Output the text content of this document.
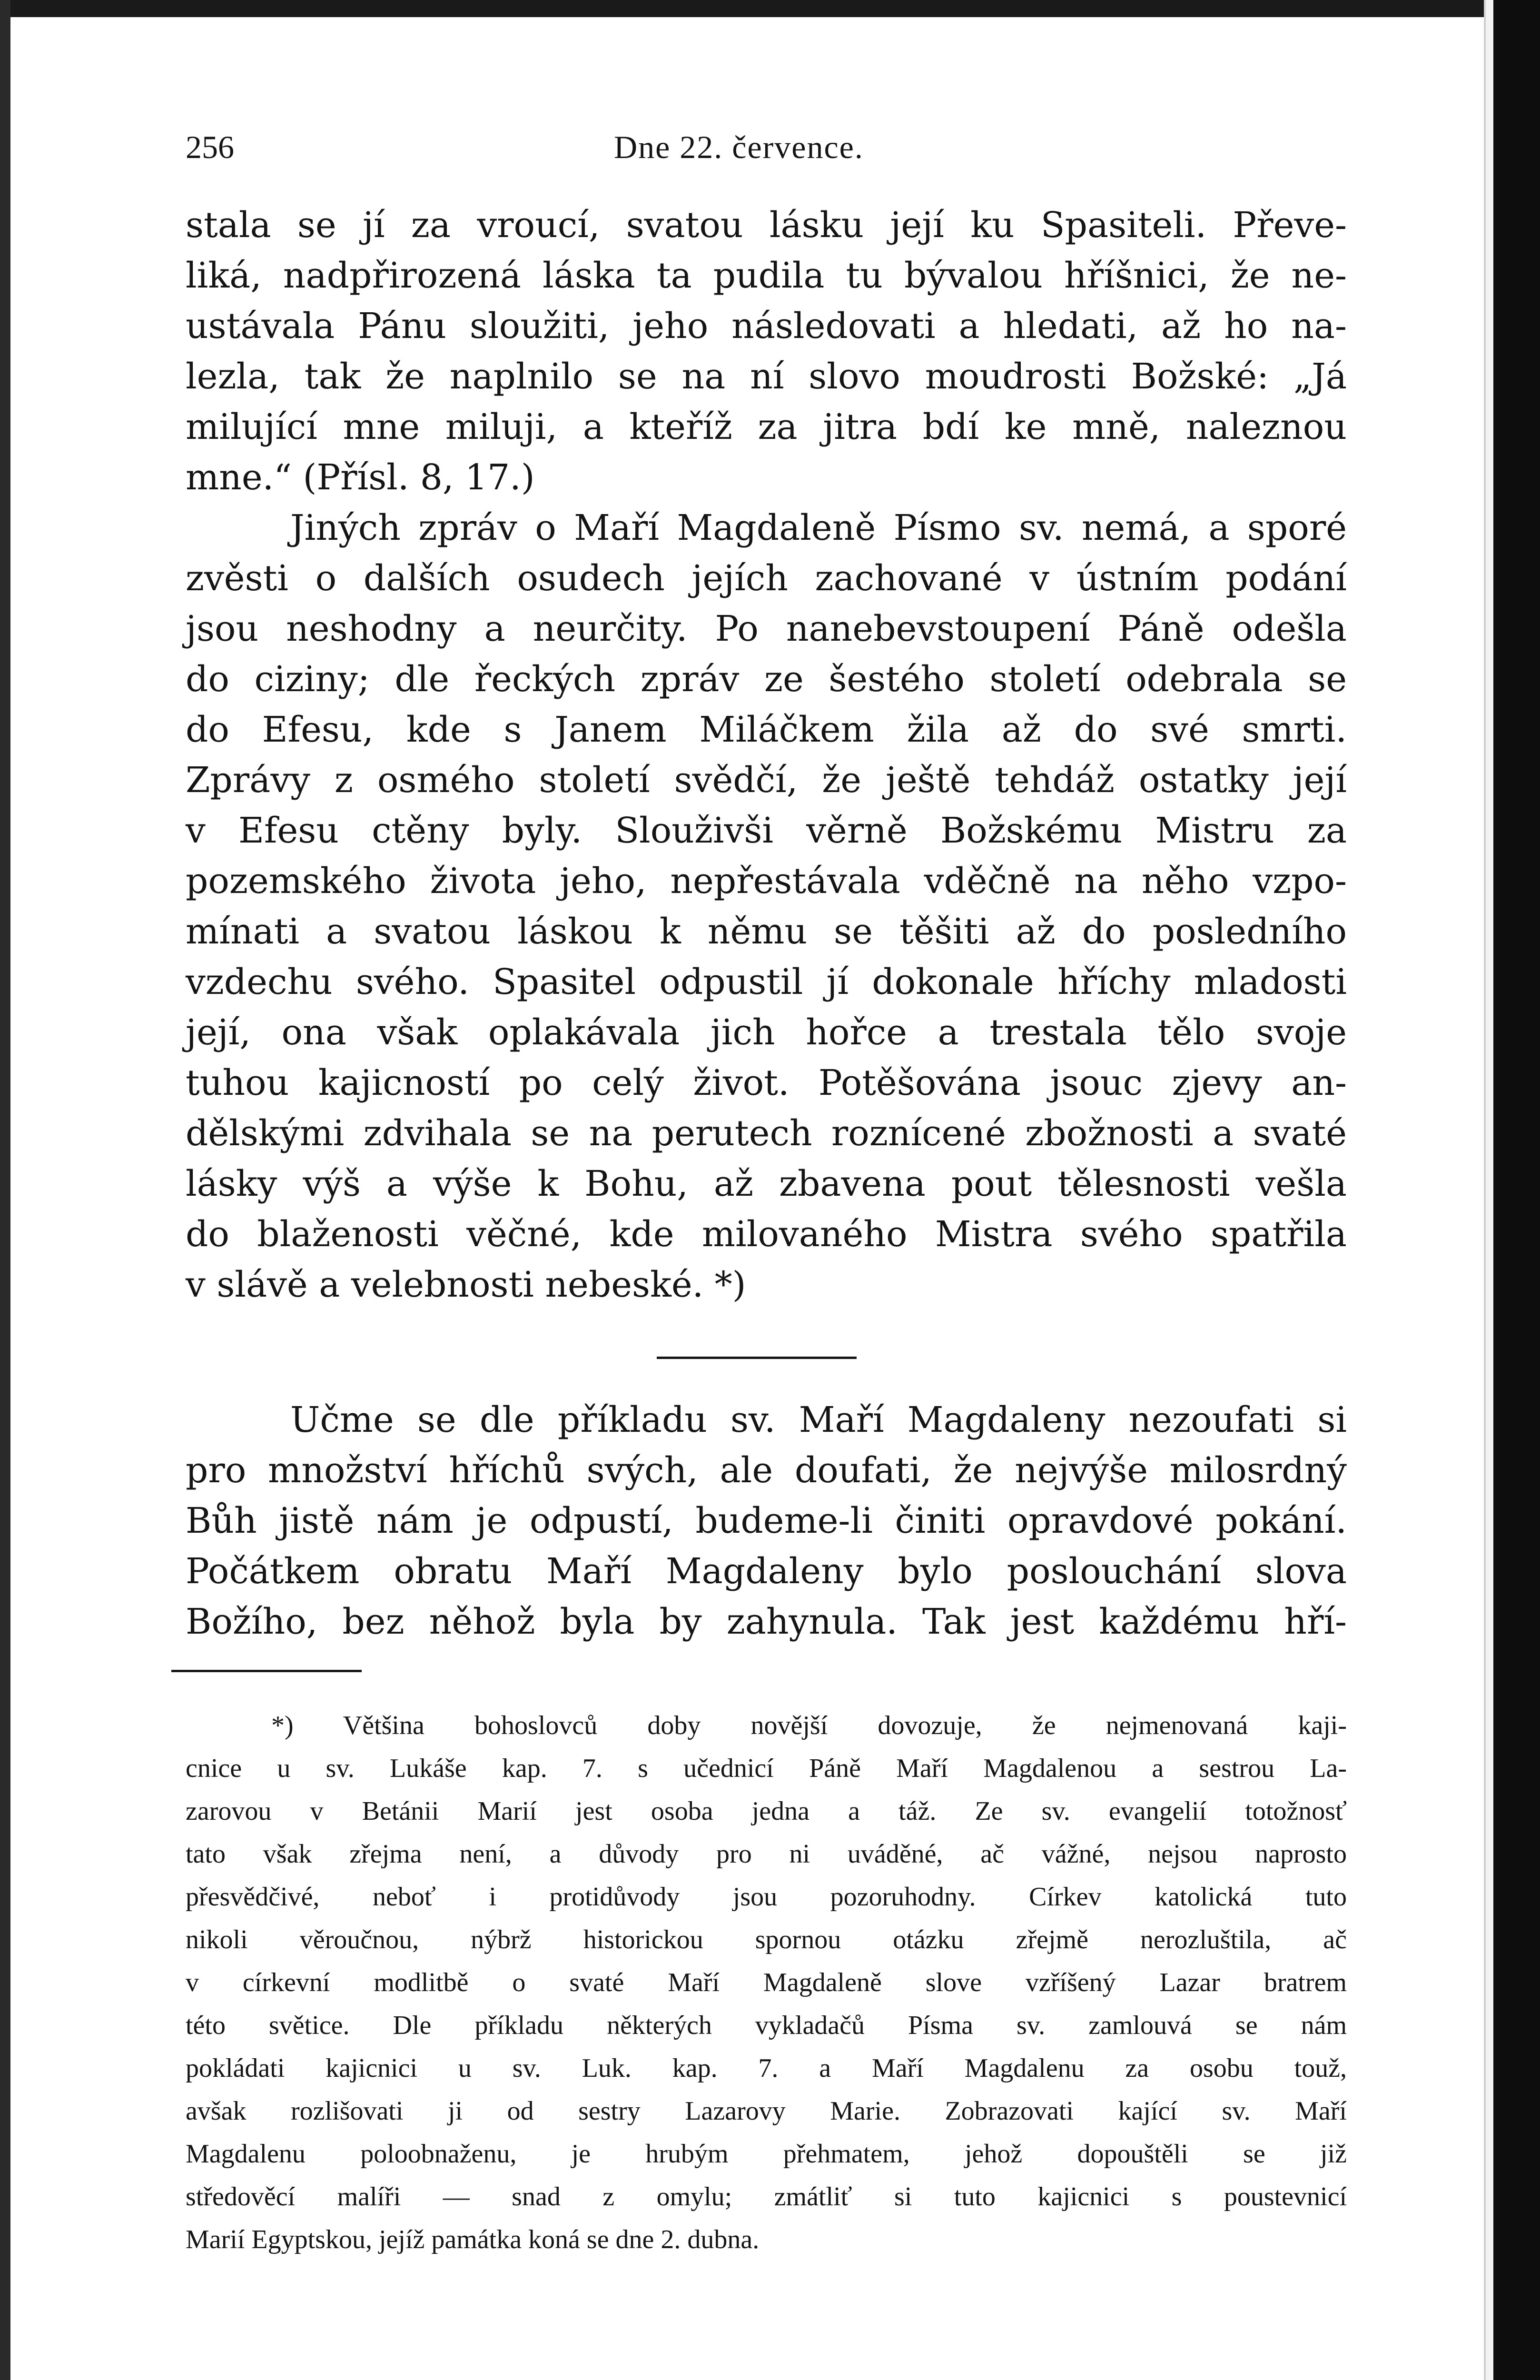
256	Dne 22. července.
stala se jí za vroucí, svatou lásku její ku Spasiteli. Převe-
liká, nadpřirozená láska ta pudila tu bývalou hříšnici, že ne-
ustávala Pánu sloužiti, jeho následovati a hledati, až ho na-
lezla, tak že naplnilo se na ní slovo moudrosti Božské: „Já
milující mne miluji, a kteříž za jitra bdí ke mně, naleznou
mne.“ (Přísl. 8, 17.)
Jiných zpráv o Maří Magdaleně Písmo sv. nemá, a sporé
zvěsti o dalších osudech jejích zachované v ústním podání
jsou neshodny a neurčity. Po nanebevstoupení Páně odešla
do ciziny; dle řeckých zpráv ze šestého století odebrala se
do Efesu, kde s Janem Miláčkem žila až do své smrti.
Zprávy z osmého století svědčí, že ještě tehdáž ostatky její
v Efesu ctěny byly. Slouživši věrně Božskému Mistru za
pozemského života jeho, nepřestávala vděčně na něho vzpo-
mínati a svatou láskou k němu se těšiti až do posledního
vzdechu svého. Spasitel odpustil jí dokonale hříchy mladosti
její, ona však oplakávala jich hořce a trestala tělo svoje
tuhou kajicností po celý život. Potěšována jsouc zjevy an-
dělskými zdvihala se na perutech roznícené zbožnosti a svaté
lásky výš a výše k Bohu, až zbavena pout tělesnosti vešla
do blaženosti věčné, kde milovaného Mistra svého spatřila
v slávě a velebnosti nebeské. *)
Učme se dle příkladu sv. Maří Magdaleny nezoufati si
pro množství hříchů svých, ale doufati, že nejvýše milosrdný
Bůh jistě nám je odpustí, budeme-li činiti opravdové pokání.
Počátkem obratu Maří Magdaleny bylo poslouchání slova
Božího, bez něhož byla by zahynula. Tak jest každému hří-
*) Většina bohoslovců doby novější dovozuje, že nejmenovaná kaji-
cnice u sv. Lukáše kap. 7. s učednicí Páně Maří Magdalenou a sestrou La-
zarovou v Betánii Marií jest osoba jedna a táž. Ze sv. evangelií totožnosť
tato však zřejma není, a důvody pro ni uváděné, ač vážné, nejsou naprosto
přesvědčivé, neboť i protidůvody jsou pozoruhodny. Církev katolická tuto
nikoli věroučnou, nýbrž historickou spornou otázku zřejmě nerozluštila, ač
v církevní modlitbě o svaté Maří Magdaleně slove vzříšený Lazar bratrem
této světice. Dle příkladu některých vykladačů Písma sv. zamlouvá se nám
pokládati kajicnici u sv. Luk. kap. 7. a Maří Magdalenu za osobu touž,
avšak rozlišovati ji od sestry Lazarovy Marie. Zobrazovati kající sv. Maří
Magdalenu poloobnaženu, je hrubým přehmatem, jehož dopouštěli se již
středověcí malíři — snad z omylu; zmátliť si tuto kajicnici s poustevnicí
Marií Egyptskou, jejíž památka koná se dne 2. dubna.
